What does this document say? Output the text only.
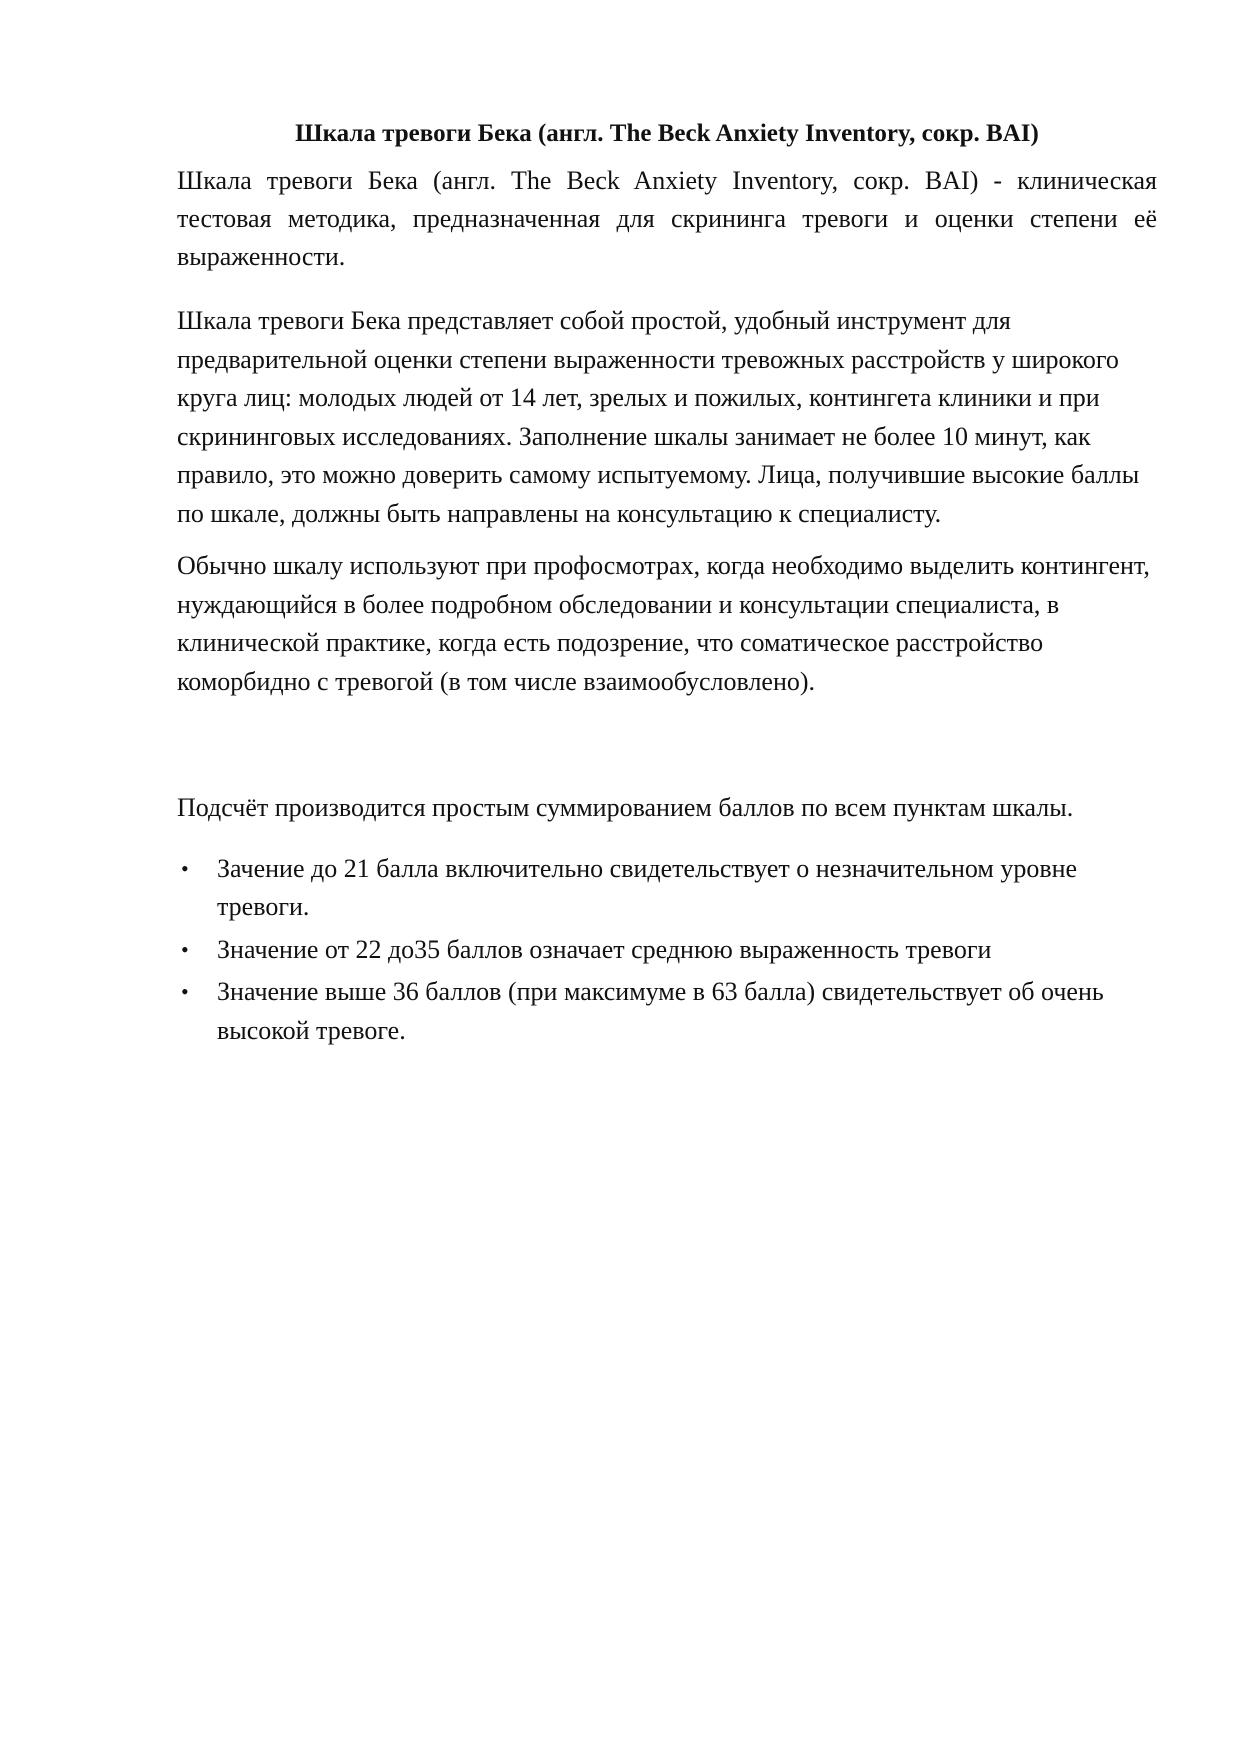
Шкала тревоги Бека (англ. The Beck Anxiety Inventory, сокр. BAI)

Шкала тревоги Бека (англ. The Beck Anxiety Inventory, сокр. BAI) - клиническая тестовая методика, предназначенная для скрининга тревоги и оценки степени её выраженности.

Шкала тревоги Бека представляет собой простой, удобный инструмент для предварительной оценки степени выраженности тревожных расстройств у широкого круга лиц: молодых людей от 14 лет, зрелых и пожилых, контингета клиники и при скрининговых исследованиях. Заполнение шкалы занимает не более 10 минут, как правило, это можно доверить самому испытуемому. Лица, получившие высокие баллы по шкале, должны быть направлены на консультацию к специалисту.

Обычно шкалу используют при профосмотрах, когда необходимо выделить контингент, нуждающийся в более подробном обследовании и консультации специалиста, в клинической практике, когда есть подозрение, что соматическое расстройство коморбидно с тревогой (в том числе взаимообусловлено).

Подсчёт производится простым суммированием баллов по всем пунктам шкалы.

• Зачение до 21 балла включительно свидетельствует о незначительном уровне тревоги.
• Значение от 22 до35 баллов означает среднюю выраженность тревоги
• Значение выше 36 баллов (при максимуме в 63 балла) свидетельствует об очень высокой тревоге.
